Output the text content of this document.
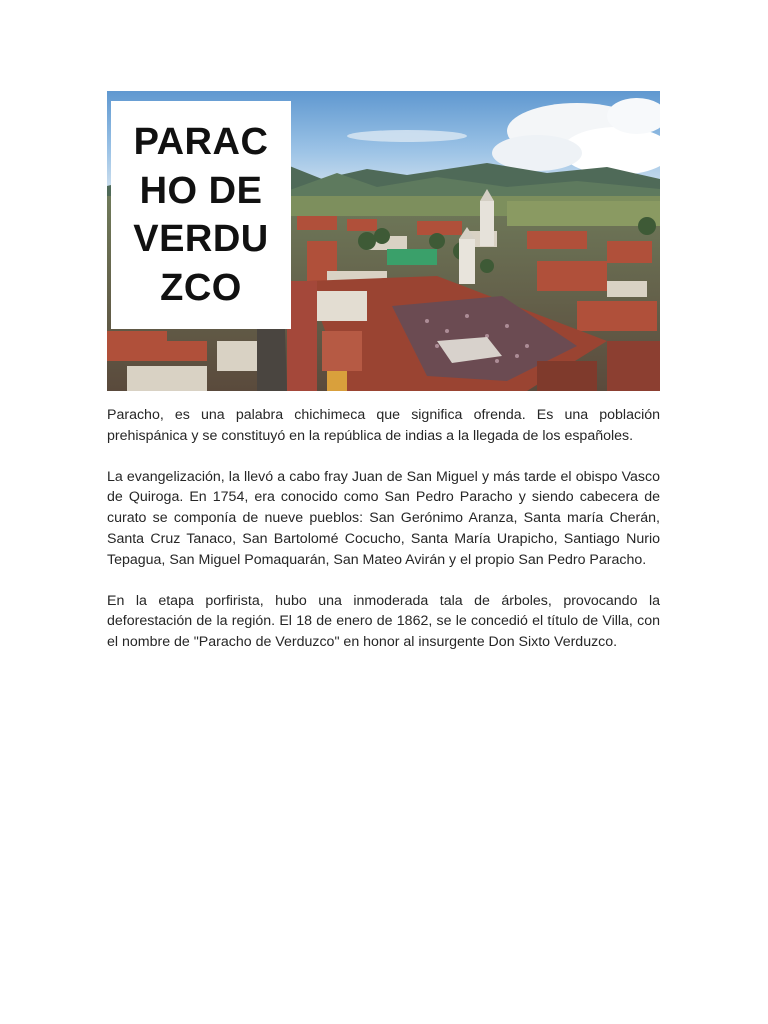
PARAC
HO DE
VERDU
ZCO

Paracho, es una palabra chichimeca que significa ofrenda. Es una población prehispánica y se constituyó en la república de indias a la llegada de los españoles.

La evangelización, la llevó a cabo fray Juan de San Miguel y más tarde el obispo Vasco de Quiroga. En 1754, era conocido como San Pedro Paracho y siendo cabecera de curato se componía de nueve pueblos: San Gerónimo Aranza, Santa maría Cherán, Santa Cruz Tanaco, San Bartolomé Cocucho, Santa María Urapicho, Santiago Nurio Tepagua, San Miguel Pomaquarán, San Mateo Avirán y el propio San Pedro Paracho.

En la etapa porfirista, hubo una inmoderada tala de árboles, provocando la deforestación de la región. El 18 de enero de 1862, se le concedió el título de Villa, con el nombre de "Paracho de Verduzco" en honor al insurgente Don Sixto Verduzco.
